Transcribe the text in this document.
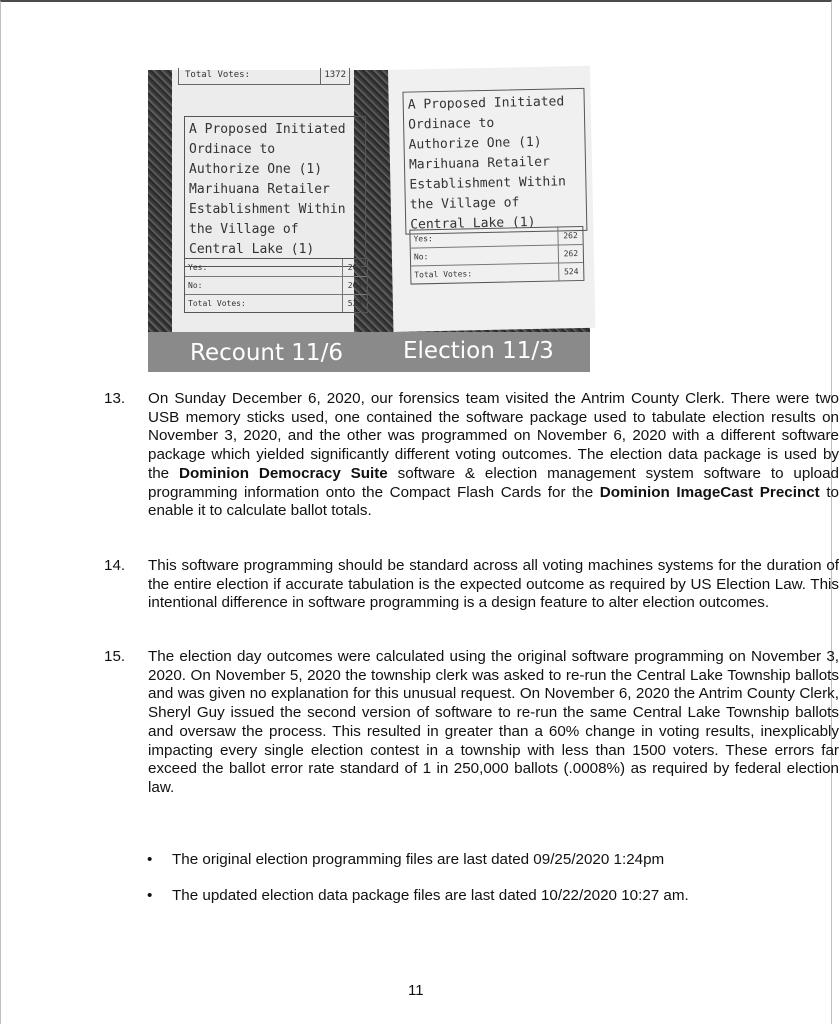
Total Votes:	1372
A Proposed Initiated
Ordinace to
Authorize One (1)
Marihuana Retailer
Establishment Within
the Village of
Central Lake (1)
Yes:	262
No:	261
Total Votes:	523
A Proposed Initiated
Ordinace to
Authorize One (1)
Marihuana Retailer
Establishment Within
the Village of
Central Lake (1)
Yes:	262
No:	262
Total Votes:	524
Recount 11/6	Election 11/3
13. On Sunday December 6, 2020, our forensics team visited the Antrim County Clerk. There were two USB memory sticks used, one contained the software package used to tabulate election results on November 3, 2020, and the other was programmed on November 6, 2020 with a different software package which yielded significantly different voting outcomes. The election data package is used by the Dominion Democracy Suite software & election management system software to upload programming information onto the Compact Flash Cards for the Dominion ImageCast Precinct to enable it to calculate ballot totals.
14. This software programming should be standard across all voting machines systems for the duration of the entire election if accurate tabulation is the expected outcome as required by US Election Law. This intentional difference in software programming is a design feature to alter election outcomes.
15. The election day outcomes were calculated using the original software programming on November 3, 2020. On November 5, 2020 the township clerk was asked to re-run the Central Lake Township ballots and was given no explanation for this unusual request. On November 6, 2020 the Antrim County Clerk, Sheryl Guy issued the second version of software to re-run the same Central Lake Township ballots and oversaw the process. This resulted in greater than a 60% change in voting results, inexplicably impacting every single election contest in a township with less than 1500 voters. These errors far exceed the ballot error rate standard of 1 in 250,000 ballots (.0008%) as required by federal election law.
• The original election programming files are last dated 09/25/2020 1:24pm
• The updated election data package files are last dated 10/22/2020 10:27 am.
11
